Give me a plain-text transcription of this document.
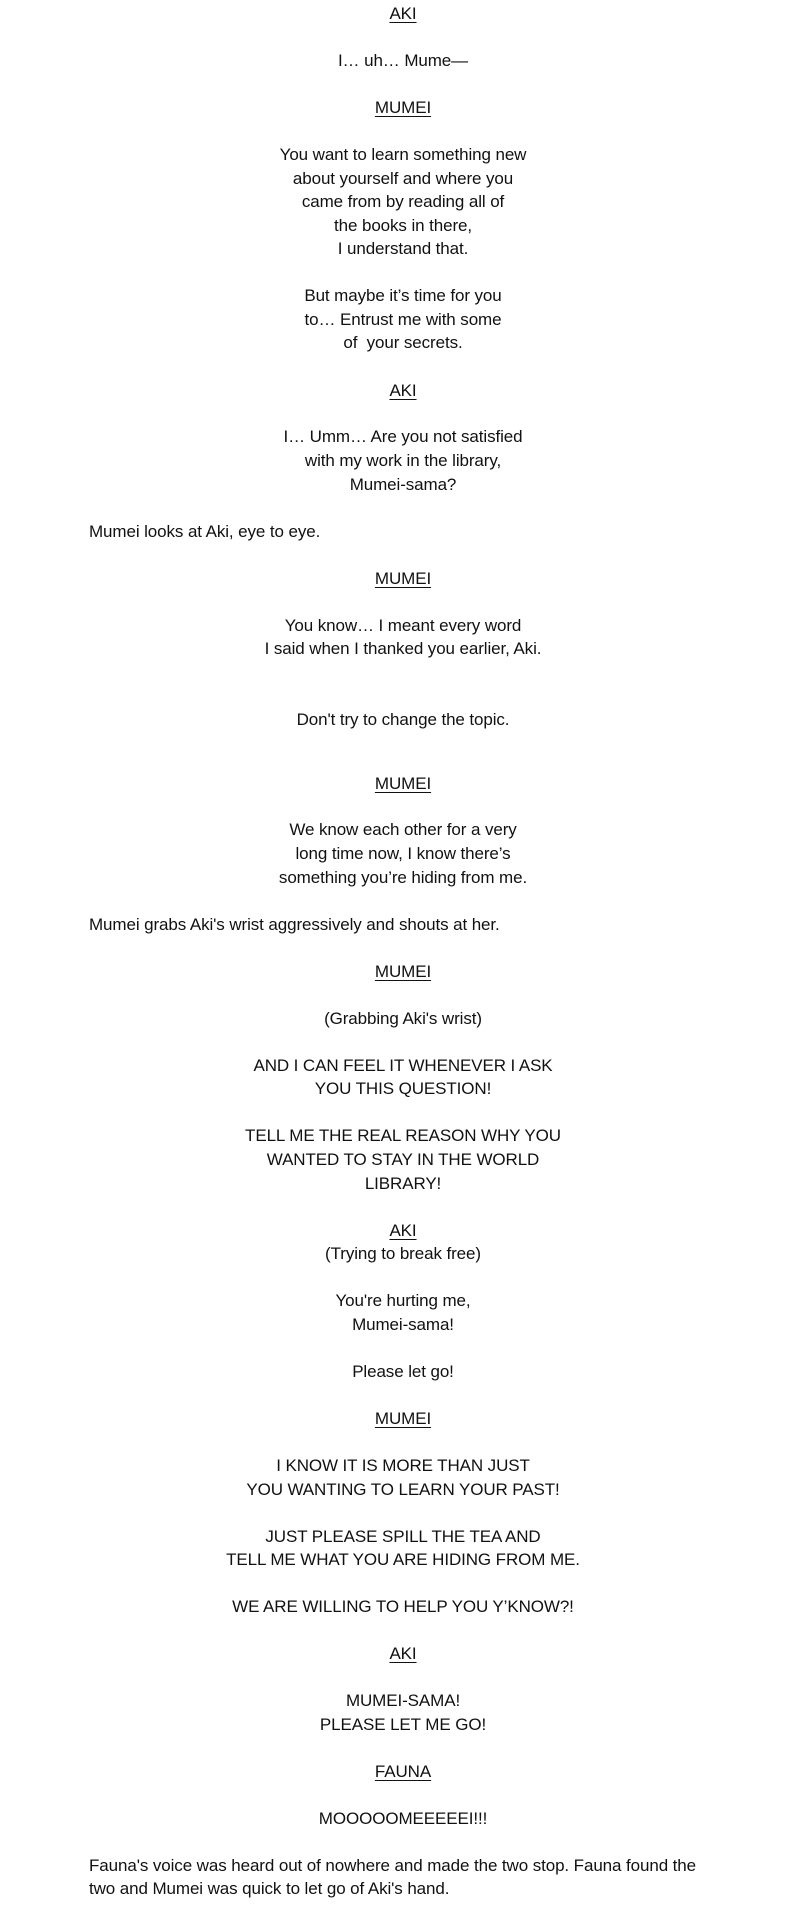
AKI
I… uh… Mume—
MUMEI
You want to learn something new
about yourself and where you
came from by reading all of
the books in there,
I understand that.
But maybe it’s time for you
to… Entrust me with some
of  your secrets.
AKI
I… Umm… Are you not satisfied
with my work in the library,
Mumei-sama?
Mumei looks at Aki, eye to eye.
MUMEI
You know… I meant every word
I said when I thanked you earlier, Aki.
Don't try to change the topic.
MUMEI
We know each other for a very
long time now, I know there’s
something you’re hiding from me.
Mumei grabs Aki's wrist aggressively and shouts at her.
MUMEI
(Grabbing Aki's wrist)
AND I CAN FEEL IT WHENEVER I ASK
YOU THIS QUESTION!
TELL ME THE REAL REASON WHY YOU
WANTED TO STAY IN THE WORLD
LIBRARY!
AKI
(Trying to break free)
You're hurting me,
Mumei-sama!
Please let go!
MUMEI
I KNOW IT IS MORE THAN JUST
YOU WANTING TO LEARN YOUR PAST!
JUST PLEASE SPILL THE TEA AND
TELL ME WHAT YOU ARE HIDING FROM ME.
WE ARE WILLING TO HELP YOU Y’KNOW?!
AKI
MUMEI-SAMA!
PLEASE LET ME GO!
FAUNA
MOOOOOMEEEEEI!!!
Fauna's voice was heard out of nowhere and made the two stop. Fauna found the
two and Mumei was quick to let go of Aki's hand.
